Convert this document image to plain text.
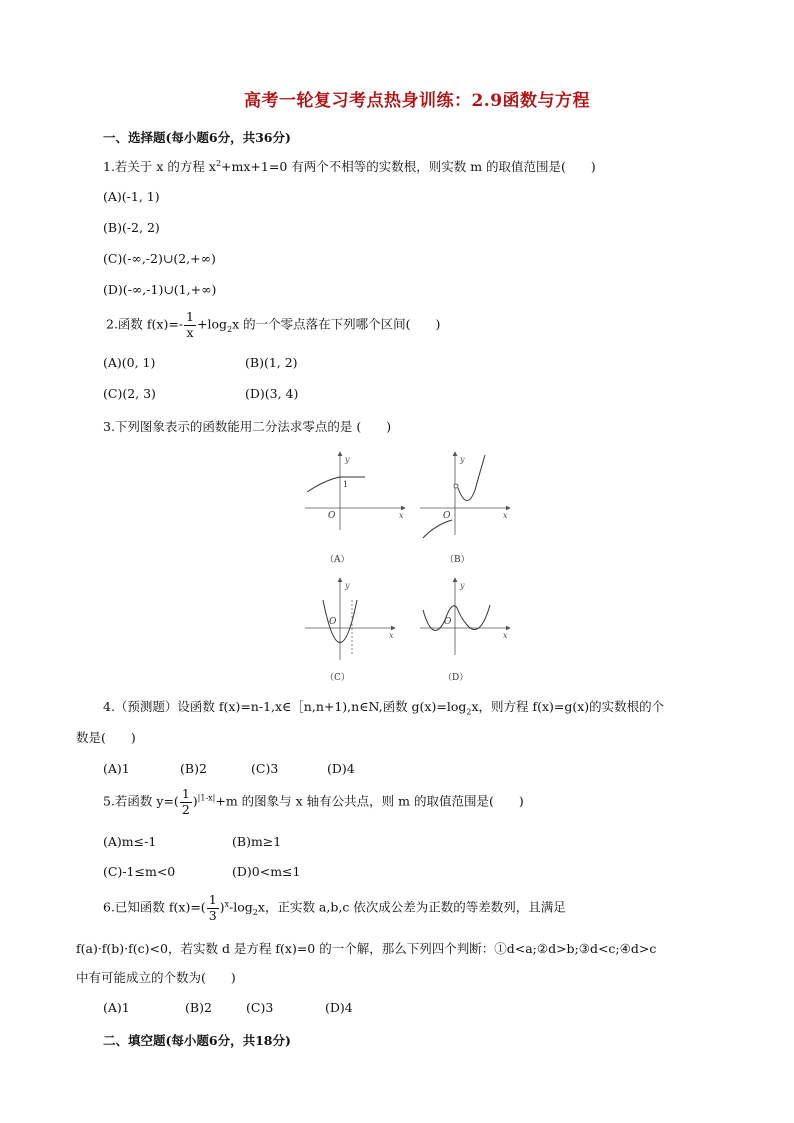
高考一轮复习考点热身训练：2.9函数与方程
一、选择题(每小题6分，共36分)
1.若关于 x 的方程 $x^2+mx+1=0$ 有两个不相等的实数根，则实数 m 的取值范围是(　　)
(A)(-1, 1)
(B)(-2, 2)
(C)(-∞,-2)∪(2,+∞)
(D)(-∞,-1)∪(1,+∞)
2.函数 $f(x)=- \frac{1}{x} +\log_2x$ 的一个零点落在下列哪个区间(　　)
(A)(0, 1)	(B)(1, 2)
(C)(2, 3)	(D)(3, 4)
3.下列图象表示的函数能用二分法求零点的是 (　　)
y
x
O
1
（A）
y
x
O
（B）
y
x
O
（C）
y
x
O
（D）
4.（预测题）设函数 f(x)=n-1,x∈［n,n+1),n∈N,函数 $g(x)=\log_2x$，则方程 f(x)=g(x)的实数根的个
数是(　　)
(A)1	(B)2	(C)3	(D)4
5.若函数 $y=( \frac{1}{2} )^{|1-x|}+m$ 的图象与 x 轴有公共点，则 m 的取值范围是(　　)
(A)m≤-1	(B)m≥1
(C)-1≤m<0	(D)0<m≤1
6.已知函数 $f(x)=( \frac{1}{3} )^x-\log_2x$，正实数 a,b,c 依次成公差为正数的等差数列，且满足
f(a)·f(b)·f(c)<0，若实数 d 是方程 f(x)=0 的一个解，那么下列四个判断：①d<a;②d>b;③d<c;④d>c
中有可能成立的个数为(　　)
(A)1	(B)2	(C)3	(D)4
二、填空题(每小题6分，共18分)
